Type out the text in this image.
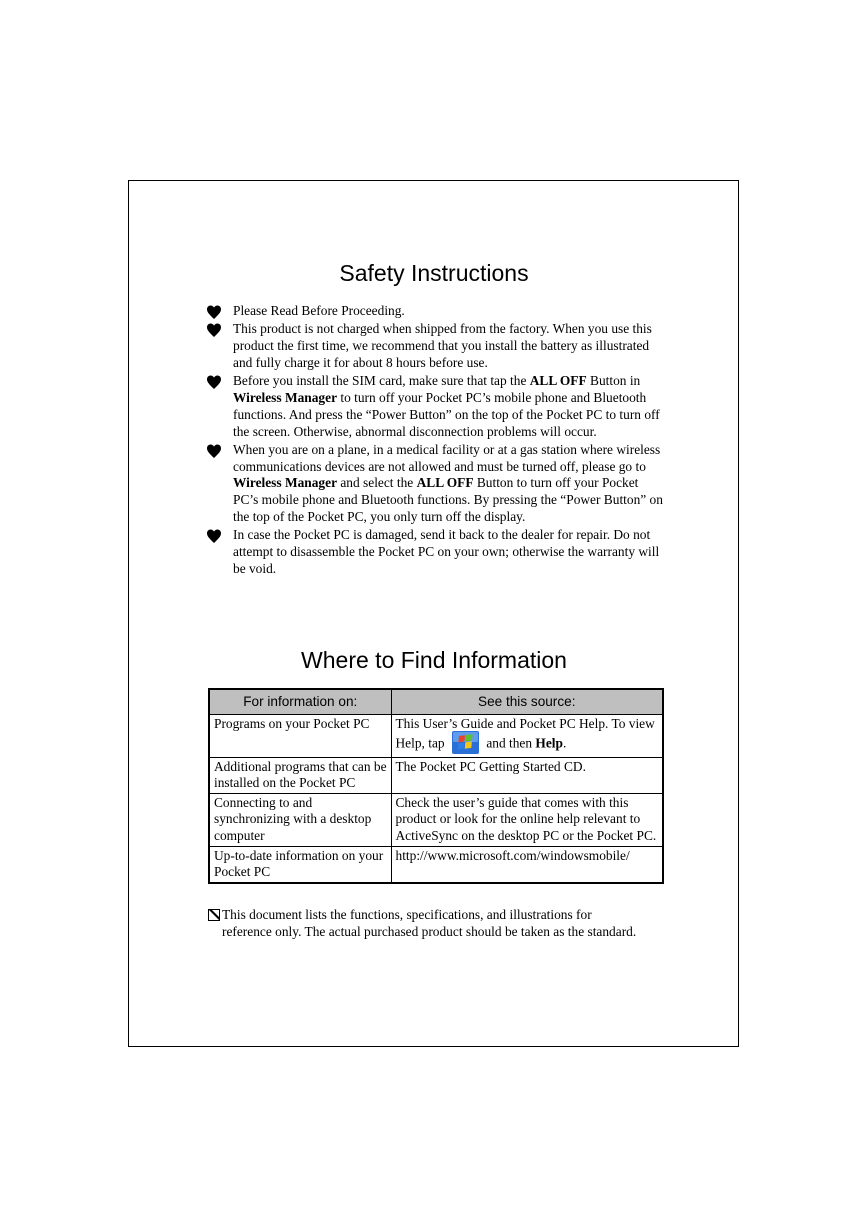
Safety Instructions
Please Read Before Proceeding.
This product is not charged when shipped from the factory. When you use this product the first time, we recommend that you install the battery as illustrated and fully charge it for about 8 hours before use.
Before you install the SIM card, make sure that tap the ALL OFF Button in Wireless Manager to turn off your Pocket PC’s mobile phone and Bluetooth functions. And press the “Power Button” on the top of the Pocket PC to turn off the screen. Otherwise, abnormal disconnection problems will occur.
When you are on a plane, in a medical facility or at a gas station where wireless communications devices are not allowed and must be turned off, please go to Wireless Manager and select the ALL OFF Button to turn off your Pocket PC’s mobile phone and Bluetooth functions. By pressing the “Power Button” on the top of the Pocket PC, you only turn off the display.
In case the Pocket PC is damaged, send it back to the dealer for repair. Do not attempt to disassemble the Pocket PC on your own; otherwise the warranty will be void.
Where to Find Information
For information on:	See this source:
Programs on your Pocket PC	This User’s Guide and Pocket PC Help. To view Help, tap and then Help.
Additional programs that can be installed on the Pocket PC	The Pocket PC Getting Started CD.
Connecting to and synchronizing with a desktop computer	Check the user’s guide that comes with this product or look for the online help relevant to ActiveSync on the desktop PC or the Pocket PC.
Up-to-date information on your Pocket PC	http://www.microsoft.com/windowsmobile/
This document lists the functions, specifications, and illustrations for reference only. The actual purchased product should be taken as the standard.
